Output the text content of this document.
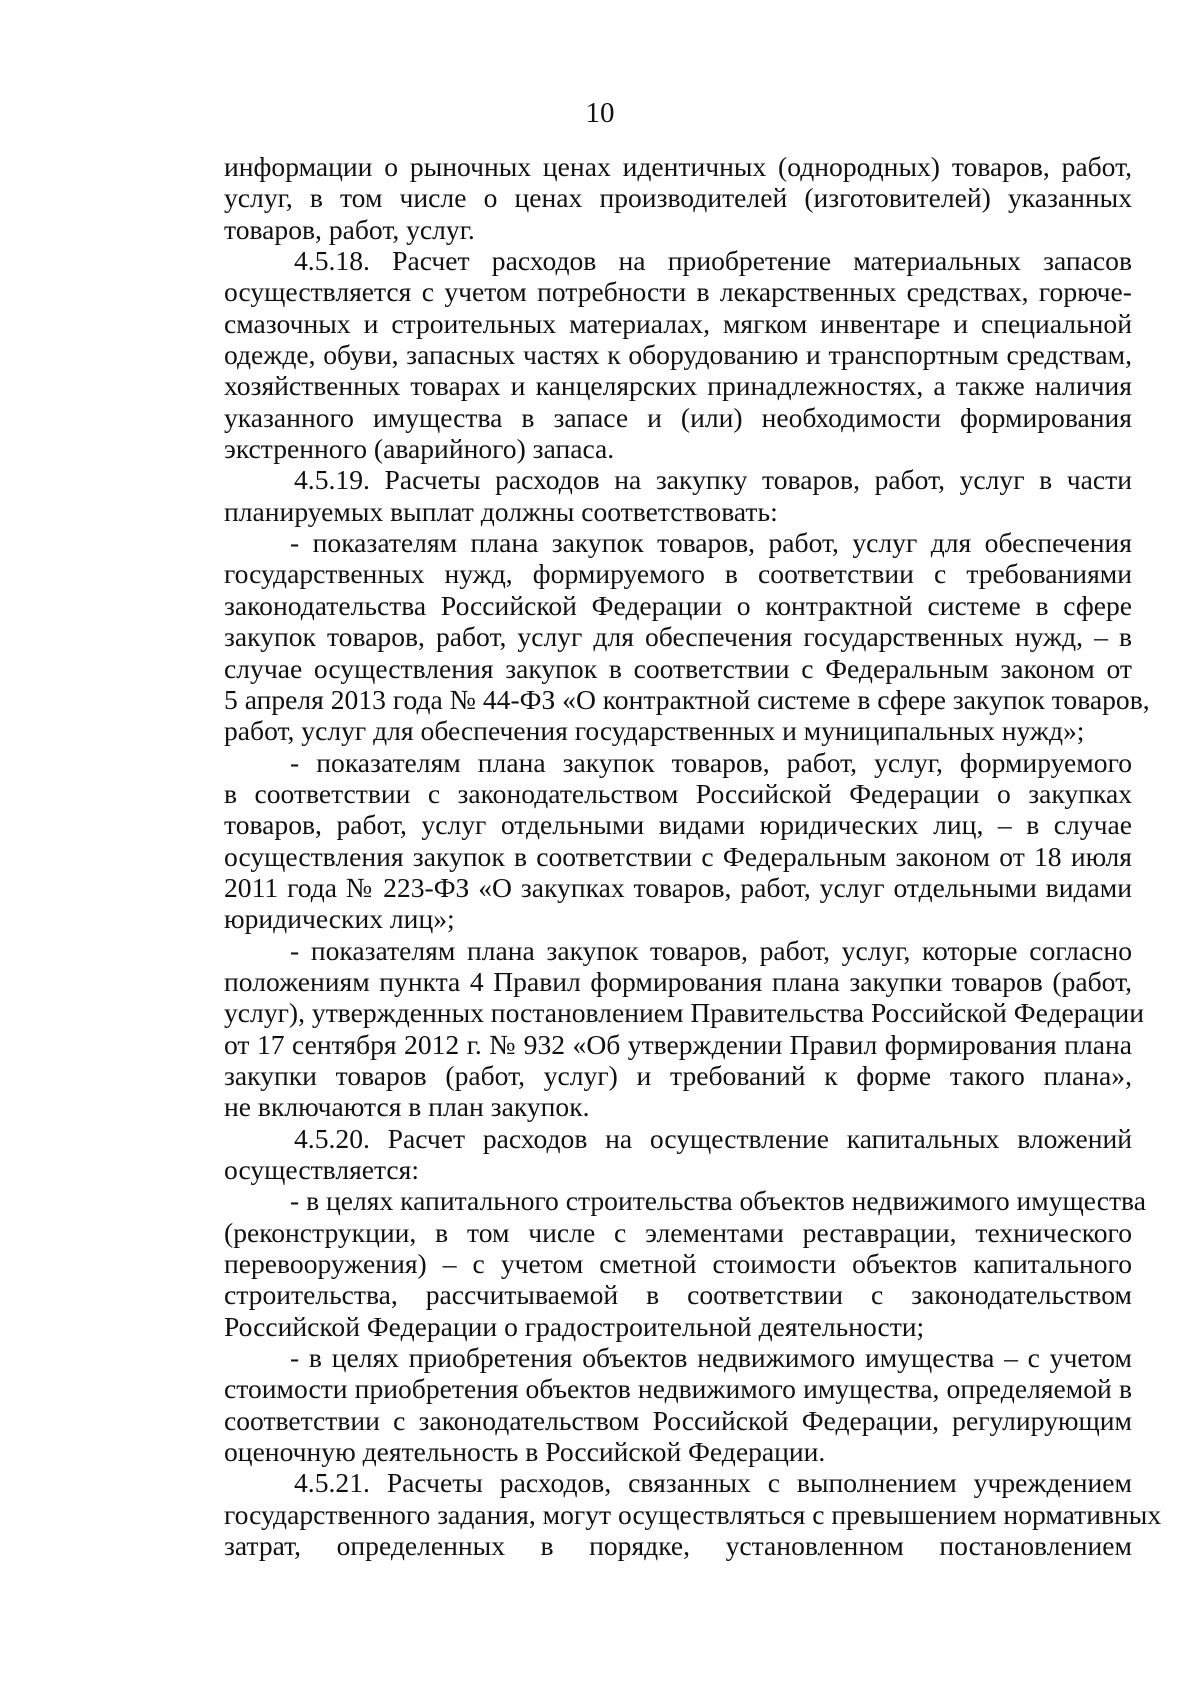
10
информации о рыночных ценах идентичных (однородных) товаров, работ,
услуг, в том числе о ценах производителей (изготовителей) указанных
товаров, работ, услуг.
4.5.18. Расчет расходов на приобретение материальных запасов
осуществляется с учетом потребности в лекарственных средствах, горюче-
смазочных и строительных материалах, мягком инвентаре и специальной
одежде, обуви, запасных частях к оборудованию и транспортным средствам,
хозяйственных товарах и канцелярских принадлежностях, а также наличия
указанного имущества в запасе и (или) необходимости формирования
экстренного (аварийного) запаса.
4.5.19. Расчеты расходов на закупку товаров, работ, услуг в части
планируемых выплат должны соответствовать:
- показателям плана закупок товаров, работ, услуг для обеспечения
государственных нужд, формируемого в соответствии с требованиями
законодательства Российской Федерации о контрактной системе в сфере
закупок товаров, работ, услуг для обеспечения государственных нужд, – в
случае осуществления закупок в соответствии с Федеральным законом от
5 апреля 2013 года № 44-ФЗ «О контрактной системе в сфере закупок товаров,
работ, услуг для обеспечения государственных и муниципальных нужд»;
- показателям плана закупок товаров, работ, услуг, формируемого
в соответствии с законодательством Российской Федерации о закупках
товаров, работ, услуг отдельными видами юридических лиц, – в случае
осуществления закупок в соответствии с Федеральным законом от 18 июля
2011 года № 223-ФЗ «О закупках товаров, работ, услуг отдельными видами
юридических лиц»;
- показателям плана закупок товаров, работ, услуг, которые согласно
положениям пункта 4 Правил формирования плана закупки товаров (работ,
услуг), утвержденных постановлением Правительства Российской Федерации
от 17 сентября 2012 г. № 932 «Об утверждении Правил формирования плана
закупки товаров (работ, услуг) и требований к форме такого плана»,
не включаются в план закупок.
4.5.20. Расчет расходов на осуществление капитальных вложений
осуществляется:
- в целях капитального строительства объектов недвижимого имущества
(реконструкции, в том числе с элементами реставрации, технического
перевооружения) – с учетом сметной стоимости объектов капитального
строительства, рассчитываемой в соответствии с законодательством
Российской Федерации о градостроительной деятельности;
- в целях приобретения объектов недвижимого имущества – с учетом
стоимости приобретения объектов недвижимого имущества, определяемой в
соответствии с законодательством Российской Федерации, регулирующим
оценочную деятельность в Российской Федерации.
4.5.21. Расчеты расходов, связанных с выполнением учреждением
государственного задания, могут осуществляться с превышением нормативных
затрат, определенных в порядке, установленном постановлением
